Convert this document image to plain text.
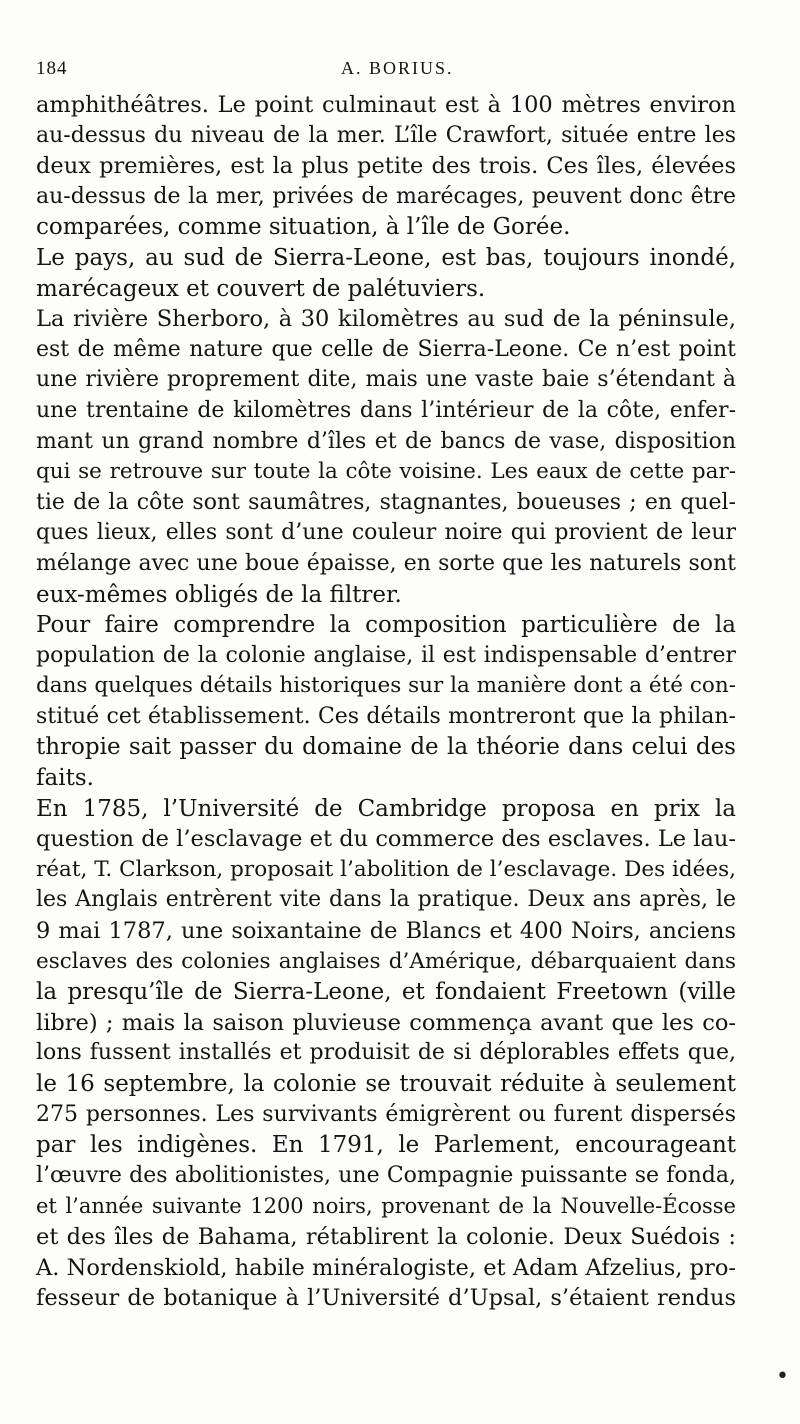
184	A. BORIUS.
amphithéâtres. Le point culminaut est à 100 mètres environ
au-dessus du niveau de la mer. L’île Crawfort, située entre les
deux premières, est la plus petite des trois. Ces îles, élevées
au-dessus de la mer, privées de marécages, peuvent donc être
comparées, comme situation, à l’île de Gorée.
Le pays, au sud de Sierra-Leone, est bas, toujours inondé,
marécageux et couvert de palétuviers.
La rivière Sherboro, à 30 kilomètres au sud de la péninsule,
est de même nature que celle de Sierra-Leone. Ce n’est point
une rivière proprement dite, mais une vaste baie s’étendant à
une trentaine de kilomètres dans l’intérieur de la côte, enfer-
mant un grand nombre d’îles et de bancs de vase, disposition
qui se retrouve sur toute la côte voisine. Les eaux de cette par-
tie de la côte sont saumâtres, stagnantes, boueuses ; en quel-
ques lieux, elles sont d’une couleur noire qui provient de leur
mélange avec une boue épaisse, en sorte que les naturels sont
eux-mêmes obligés de la filtrer.
Pour faire comprendre la composition particulière de la
population de la colonie anglaise, il est indispensable d’entrer
dans quelques détails historiques sur la manière dont a été con-
stitué cet établissement. Ces détails montreront que la philan-
thropie sait passer du domaine de la théorie dans celui des
faits.
En 1785, l’Université de Cambridge proposa en prix la
question de l’esclavage et du commerce des esclaves. Le lau-
réat, T. Clarkson, proposait l’abolition de l’esclavage. Des idées,
les Anglais entrèrent vite dans la pratique. Deux ans après, le
9 mai 1787, une soixantaine de Blancs et 400 Noirs, anciens
esclaves des colonies anglaises d’Amérique, débarquaient dans
la presqu’île de Sierra-Leone, et fondaient Freetown (ville
libre) ; mais la saison pluvieuse commença avant que les co-
lons fussent installés et produisit de si déplorables effets que,
le 16 septembre, la colonie se trouvait réduite à seulement
275 personnes. Les survivants émigrèrent ou furent dispersés
par les indigènes. En 1791, le Parlement, encourageant
l’œuvre des abolitionistes, une Compagnie puissante se fonda,
et l’année suivante 1200 noirs, provenant de la Nouvelle-Écosse
et des îles de Bahama, rétablirent la colonie. Deux Suédois :
A. Nordenskiold, habile minéralogiste, et Adam Afzelius, pro-
fesseur de botanique à l’Université d’Upsal, s’étaient rendus
•
